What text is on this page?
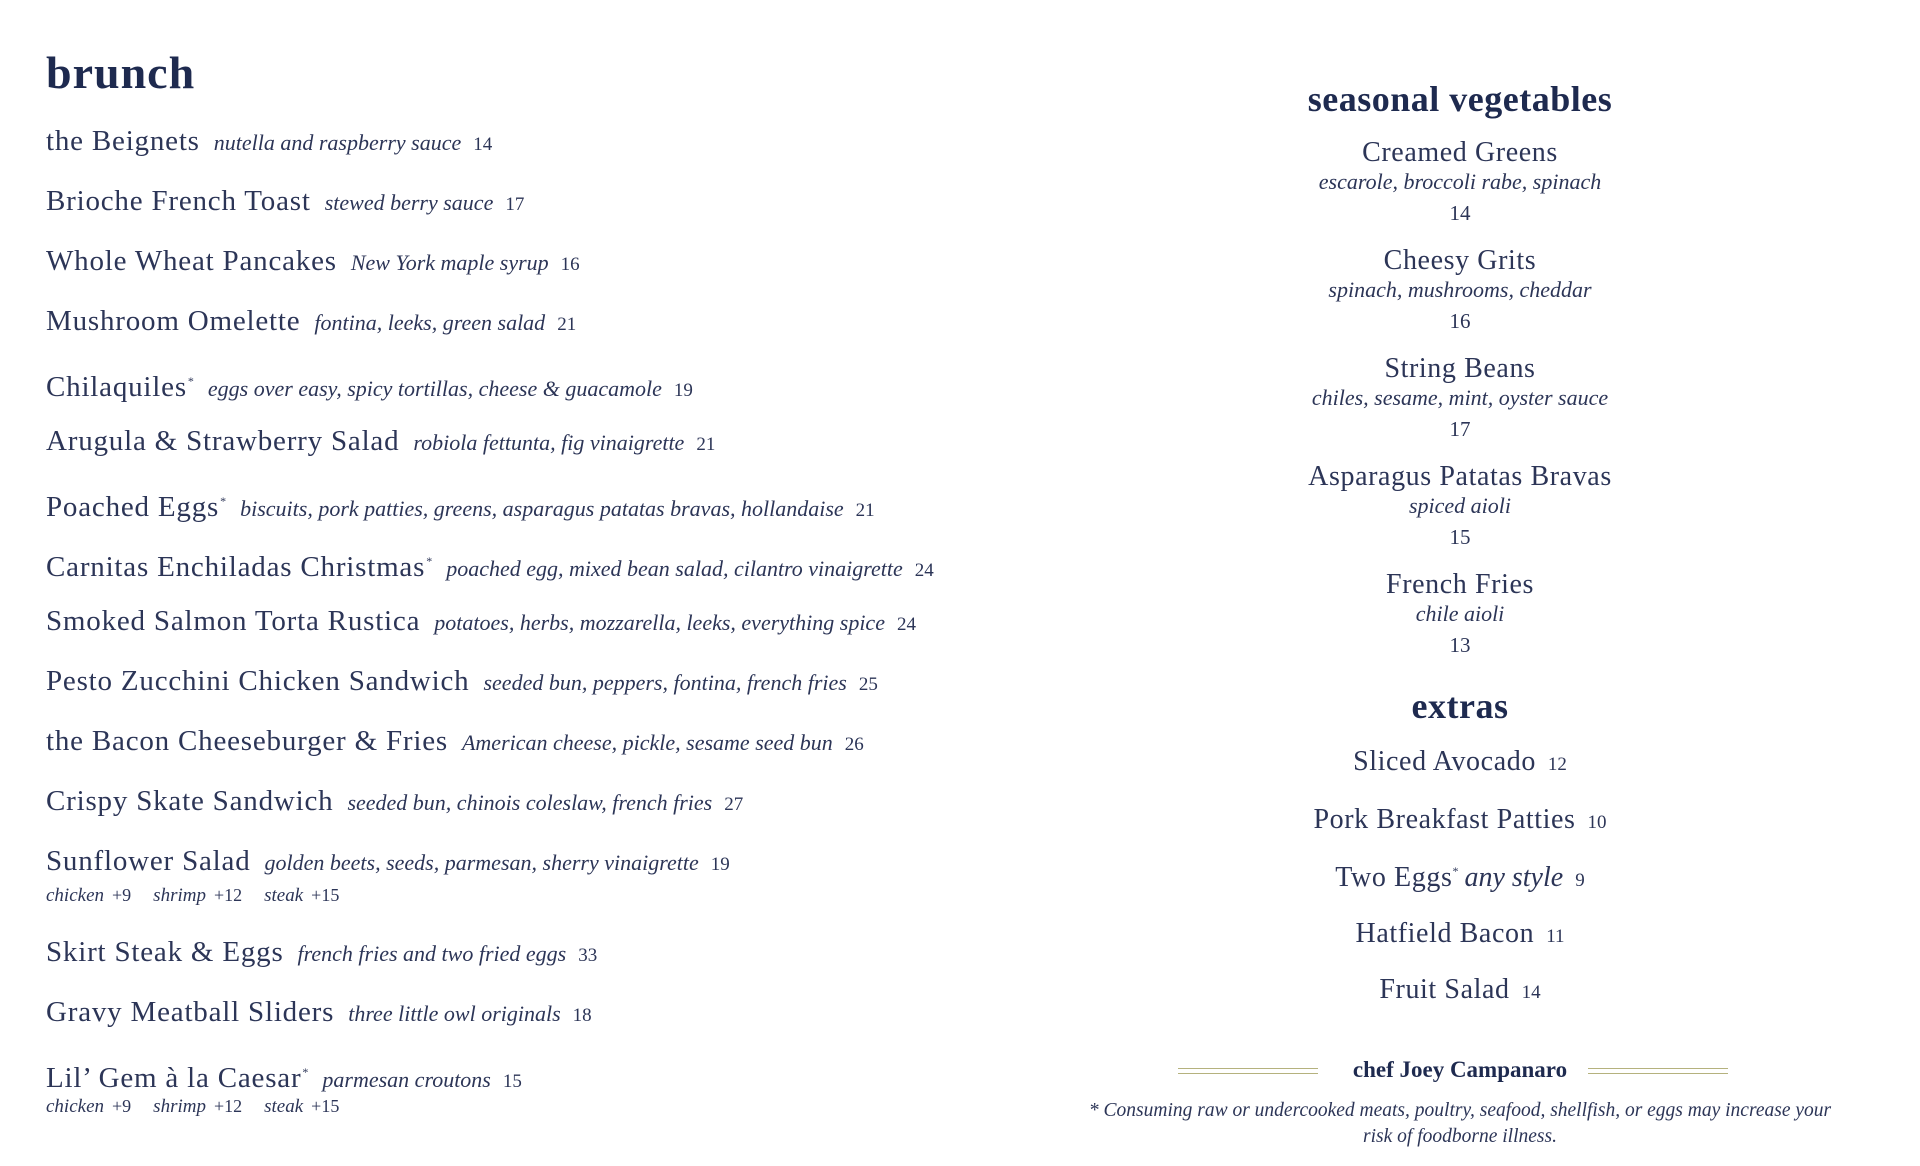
brunch
the Beignets nutella and raspberry sauce 14
Brioche French Toast stewed berry sauce 17
Whole Wheat Pancakes New York maple syrup 16
Mushroom Omelette fontina, leeks, green salad 21
Chilaquiles* eggs over easy, spicy tortillas, cheese & guacamole 19
Arugula & Strawberry Salad robiola fettunta, fig vinaigrette 21
Poached Eggs* biscuits, pork patties, greens, asparagus patatas bravas, hollandaise 21
Carnitas Enchiladas Christmas* poached egg, mixed bean salad, cilantro vinaigrette 24
Smoked Salmon Torta Rustica potatoes, herbs, mozzarella, leeks, everything spice 24
Pesto Zucchini Chicken Sandwich seeded bun, peppers, fontina, french fries 25
the Bacon Cheeseburger & Fries American cheese, pickle, sesame seed bun 26
Crispy Skate Sandwich seeded bun, chinois coleslaw, french fries 27
Sunflower Salad golden beets, seeds, parmesan, sherry vinaigrette 19
chicken +9 shrimp +12 steak +15
Skirt Steak & Eggs french fries and two fried eggs 33
Gravy Meatball Sliders three little owl originals 18
Lil’ Gem à la Caesar* parmesan croutons 15
chicken +9 shrimp +12 steak +15
seasonal vegetables
Creamed Greens
escarole, broccoli rabe, spinach
14
Cheesy Grits
spinach, mushrooms, cheddar
16
String Beans
chiles, sesame, mint, oyster sauce
17
Asparagus Patatas Bravas
spiced aioli
15
French Fries
chile aioli
13
extras
Sliced Avocado 12
Pork Breakfast Patties 10
Two Eggs* any style 9
Hatfield Bacon 11
Fruit Salad 14
chef Joey Campanaro
* Consuming raw or undercooked meats, poultry, seafood, shellfish, or eggs may increase your risk of foodborne illness.
